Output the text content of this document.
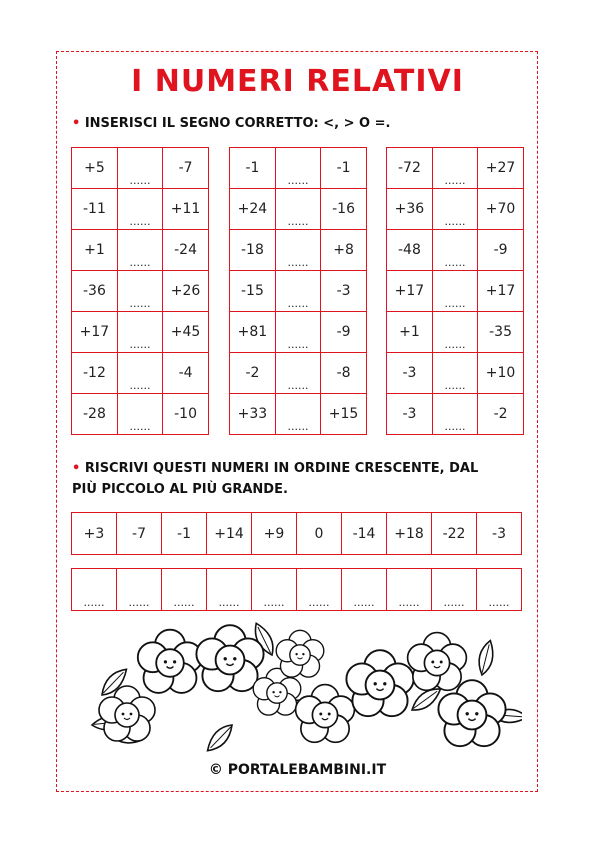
I NUMERI RELATIVI
• INSERISCI IL SEGNO CORRETTO: <, > O =.
+5	......	-7
-11	......	+11
+1	......	-24
-36	......	+26
+17	......	+45
-12	......	-4
-28	......	-10
-1	......	-1
+24	......	-16
-18	......	+8
-15	......	-3
+81	......	-9
-2	......	-8
+33	......	+15
-72	......	+27
+36	......	+70
-48	......	-9
+17	......	+17
+1	......	-35
-3	......	+10
-3	......	-2
• RISCRIVI QUESTI NUMERI IN ORDINE CRESCENTE, DAL
PIÙ PICCOLO AL PIÙ GRANDE.
+3	-7	-1	+14	+9	0	-14	+18	-22	-3
......	......	......	......	......	......	......	......	......	......
© PORTALEBAMBINI.IT
